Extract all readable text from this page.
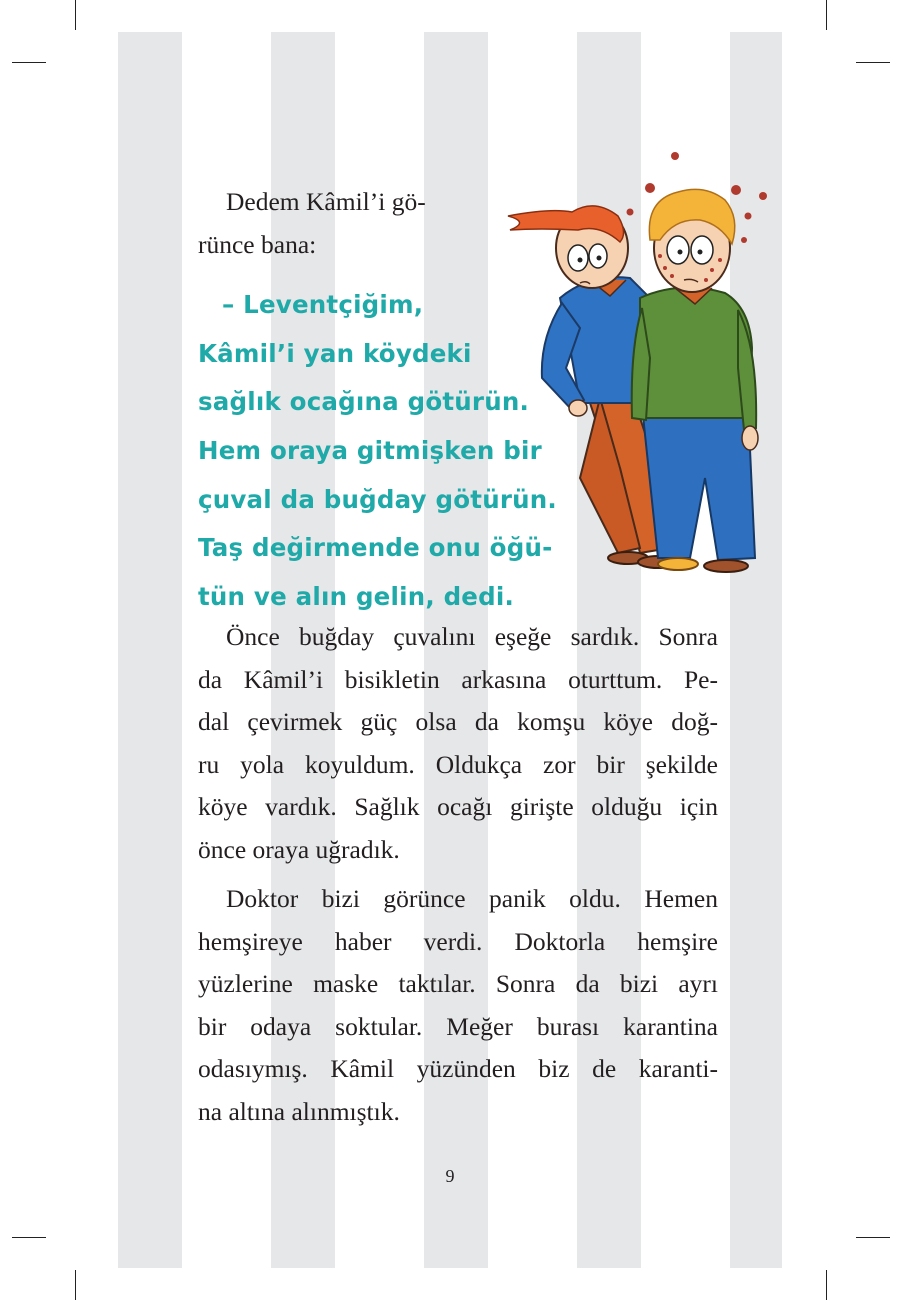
Dedem Kâmil’i gö-
rünce bana:
– Leventçiğim,
Kâmil’i yan köydeki
sağlık ocağına götürün.
Hem oraya gitmişken bir
çuval da buğday götürün.
Taş değirmende onu öğü-
tün ve alın gelin, dedi.
Önce buğday çuvalını eşeğe sardık. Sonra
da Kâmil’i bisikletin arkasına oturttum. Pe-
dal çevirmek güç olsa da komşu köye doğ-
ru yola koyuldum. Oldukça zor bir şekilde
köye vardık. Sağlık ocağı girişte olduğu için
önce oraya uğradık.
Doktor bizi görünce panik oldu. Hemen
hemşireye haber verdi. Doktorla hemşire
yüzlerine maske taktılar. Sonra da bizi ayrı
bir odaya soktular. Meğer burası karantina
odasıymış. Kâmil yüzünden biz de karanti-
na altına alınmıştık.
9
